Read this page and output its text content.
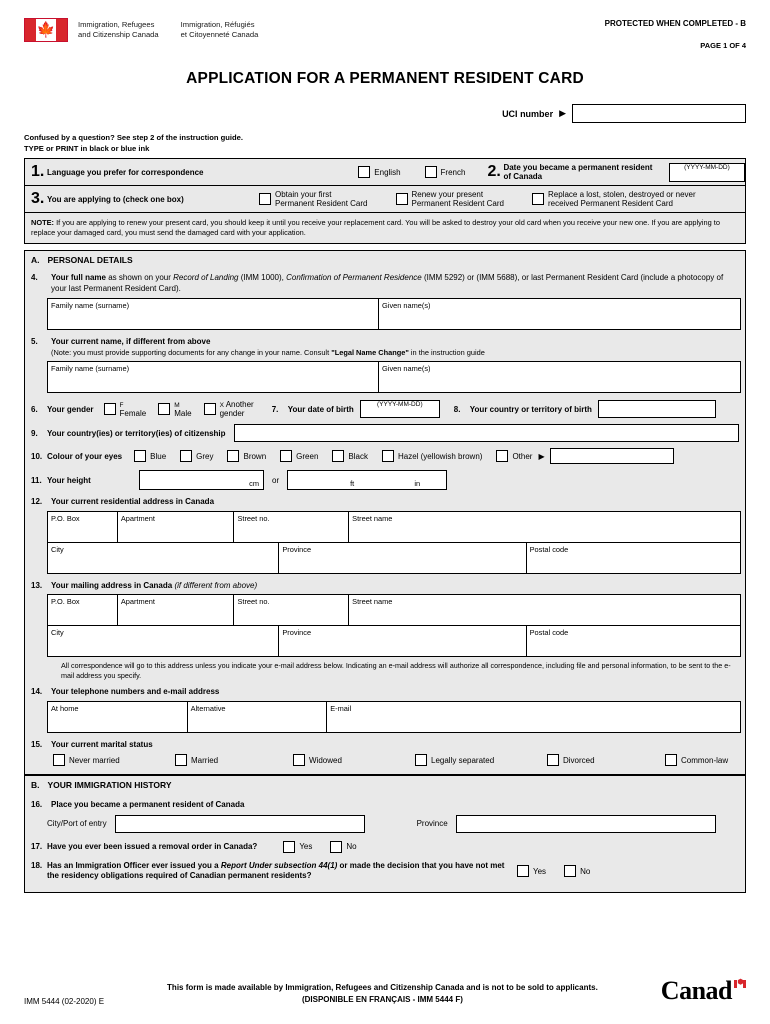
🍁	Immigration, Refugees
and Citizenship Canada
Immigration, Réfugiés
et Citoyenneté Canada
PROTECTED WHEN COMPLETED - B
PAGE 1 OF 4
APPLICATION FOR A PERMANENT RESIDENT CARD
UCI number ▶
Confused by a question? See step 2 of the instruction guide.
TYPE or PRINT in black or blue ink
1. Language you prefer for correspondence	English	French 2. Date you became a permanent resident of Canada
(YYYY-MM-DD)
3. You are applying to (check one box)	Obtain your first
Permanent Resident Card
Renew your present
Permanent Resident Card
Replace a lost, stolen, destroyed or never
received Permanent Resident Card
NOTE: If you are applying to renew your present card, you should keep it until you receive your replacement card. You will be asked to destroy your old card when you receive your new one. If you are applying to replace your damaged card, you must send the damaged card with your application.
A. PERSONAL DETAILS
4.	Your full name as shown on your Record of Landing (IMM 1000), Confirmation of Permanent Residence (IMM 5292) or (IMM 5688), or last Permanent Resident Card (include a photocopy of your last Permanent Resident Card).
Family name (surname)	Given name(s)
5.	Your current name, if different from above
(Note: you must provide supporting documents for any change in your name. Consult "Legal Name Change" in the instruction guide
Family name (surname)	Given name(s)
6.	Your gender	F
Female
M
Male
X Another
gender	7.	Your date of birth	(YYYY-MM-DD)	8.	Your country or territory of birth
9.	Your country(ies) or territory(ies) of citizenship
10. Colour of your eyes	Blue	Grey	Brown	Green	Black	Hazel (yellowish brown)	Other ▶
11. Your height	cm or	ft	in
12.	Your current residential address in Canada
P.O. Box	Apartment	Street no.	Street name
City	Province	Postal code
13.	Your mailing address in Canada (if different from above)
P.O. Box	Apartment	Street no.	Street name
City	Province	Postal code
All correspondence will go to this address unless you indicate your e-mail address below. Indicating an e-mail address will authorize all correspondence, including file and personal information, to be sent to the e-mail address you specify.
14.	Your telephone numbers and e-mail address
At home	Alternative	E-mail
15.	Your current marital status
Never married	Married	Widowed	Legally separated	Divorced	Common-law
B. YOUR IMMIGRATION HISTORY
16.	Place you became a permanent resident of Canada
City/Port of entry	Province
17. Have you ever been issued a removal order in Canada?	Yes	No
18. Has an Immigration Officer ever issued you a Report Under subsection 44(1) or made the decision that you have not met the residency obligations required of Canadian permanent residents?	Yes	No
IMM 5444 (02-2020) E
This form is made available by Immigration, Refugees and Citizenship Canada and is not to be sold to applicants.
(DISPONIBLE EN FRANÇAIS - IMM 5444 F)	Canad
⬢
